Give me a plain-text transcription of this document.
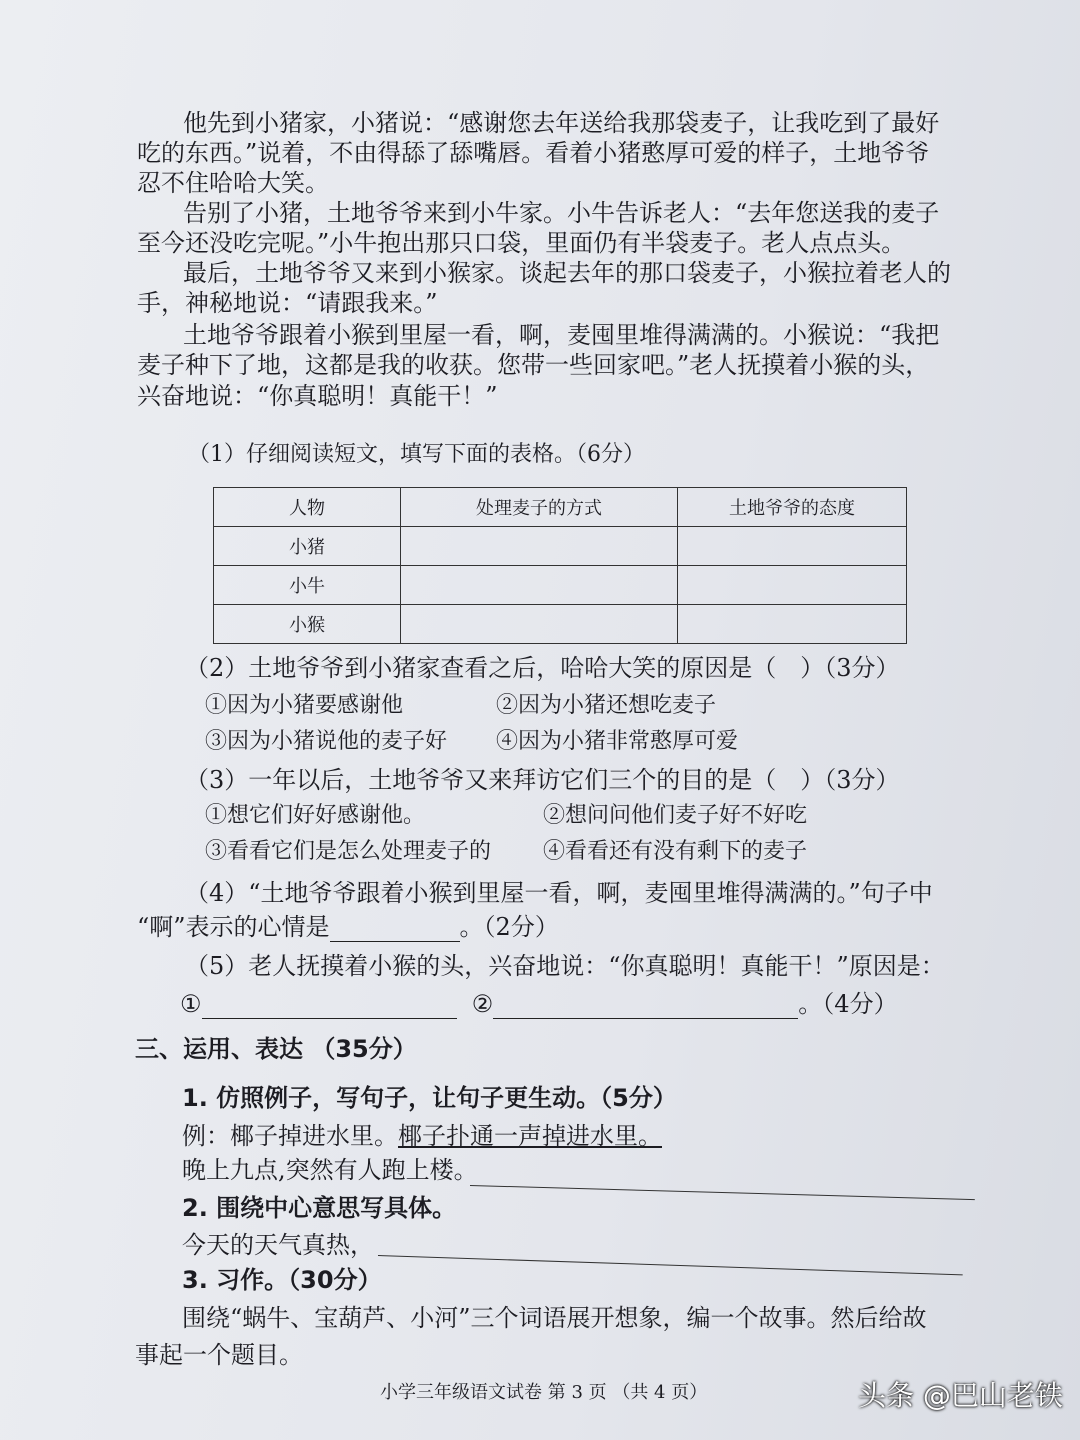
他先到小猪家，小猪说：“感谢您去年送给我那袋麦子，让我吃到了最好
吃的东西。”说着，不由得舔了舔嘴唇。看着小猪憨厚可爱的样子，土地爷爷
忍不住哈哈大笑。
告别了小猪，土地爷爷来到小牛家。小牛告诉老人：“去年您送我的麦子
至今还没吃完呢。”小牛抱出那只口袋，里面仍有半袋麦子。老人点点头。
最后，土地爷爷又来到小猴家。谈起去年的那口袋麦子，小猴拉着老人的
手，神秘地说：“请跟我来。”
土地爷爷跟着小猴到里屋一看，啊，麦囤里堆得满满的。小猴说：“我把
麦子种下了地，这都是我的收获。您带一些回家吧。”老人抚摸着小猴的头，
兴奋地说：“你真聪明！真能干！”
（1）仔细阅读短文，填写下面的表格。（6分）
人物	处理麦子的方式	土地爷爷的态度
小猪		
小牛		
小猴		
（2）土地爷爷到小猪家查看之后，哈哈大笑的原因是（　）（3分）
①因为小猪要感谢他	②因为小猪还想吃麦子
③因为小猪说他的麦子好 ④因为小猪非常憨厚可爱
（3）一年以后，土地爷爷又来拜访它们三个的目的是（　）（3分）
①想它们好好感谢他。	②想问问他们麦子好不好吃
③看看它们是怎么处理麦子的 ④看看还有没有剩下的麦子
（4）“土地爷爷跟着小猴到里屋一看，啊，麦囤里堆得满满的。”句子中
“啊”表示的心情是	。（2分）
（5）老人抚摸着小猴的头，兴奋地说：“你真聪明！真能干！”原因是：
①	②	。（4分）
三、运用、表达 （35分）
1. 仿照例子，写句子，让句子更生动。（5分）
例：椰子掉进水里。椰子扑通一声掉进水里。
晚上九点,突然有人跑上楼。
2. 围绕中心意思写具体。
今天的天气真热，
3. 习作。（30分）
围绕“蜗牛、宝葫芦、小河”三个词语展开想象，编一个故事。然后给故
事起一个题目。
小学三年级语文试卷 第 3 页 （共 4 页）	头条 @巴山老铁
